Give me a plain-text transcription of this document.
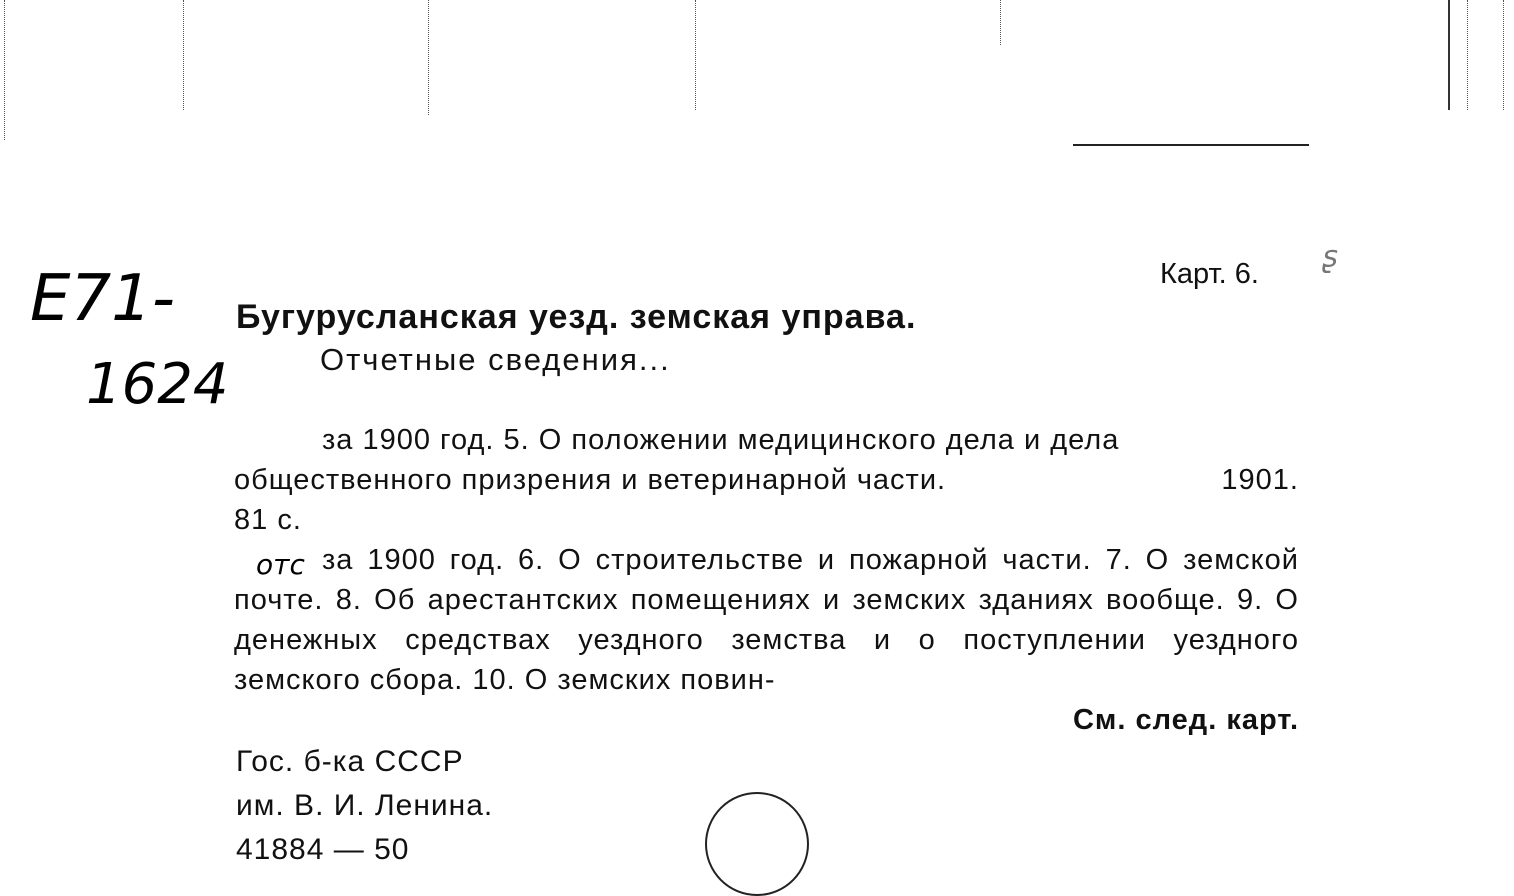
E71-
1624
Карт. 6. ʂ
Бугурусланская уезд. земская управа.
Отчетные сведения...

за 1900 год. 5. О положении медицинского дела и дела

общественного призрения и ветеринарной части.	1901.

81 с.

отс за 1900 год. 6. О строительстве и пожарной части. 7. О земской почте. 8. Об арестантских помещениях и земских зданиях вообще. 9. О денежных средствах уездного земства и о поступлении уездного земского сбора. 10. О земских повин-

См. след. карт.

Гос. б-ка СССР
им. В. И. Ленина.
41884 — 50
